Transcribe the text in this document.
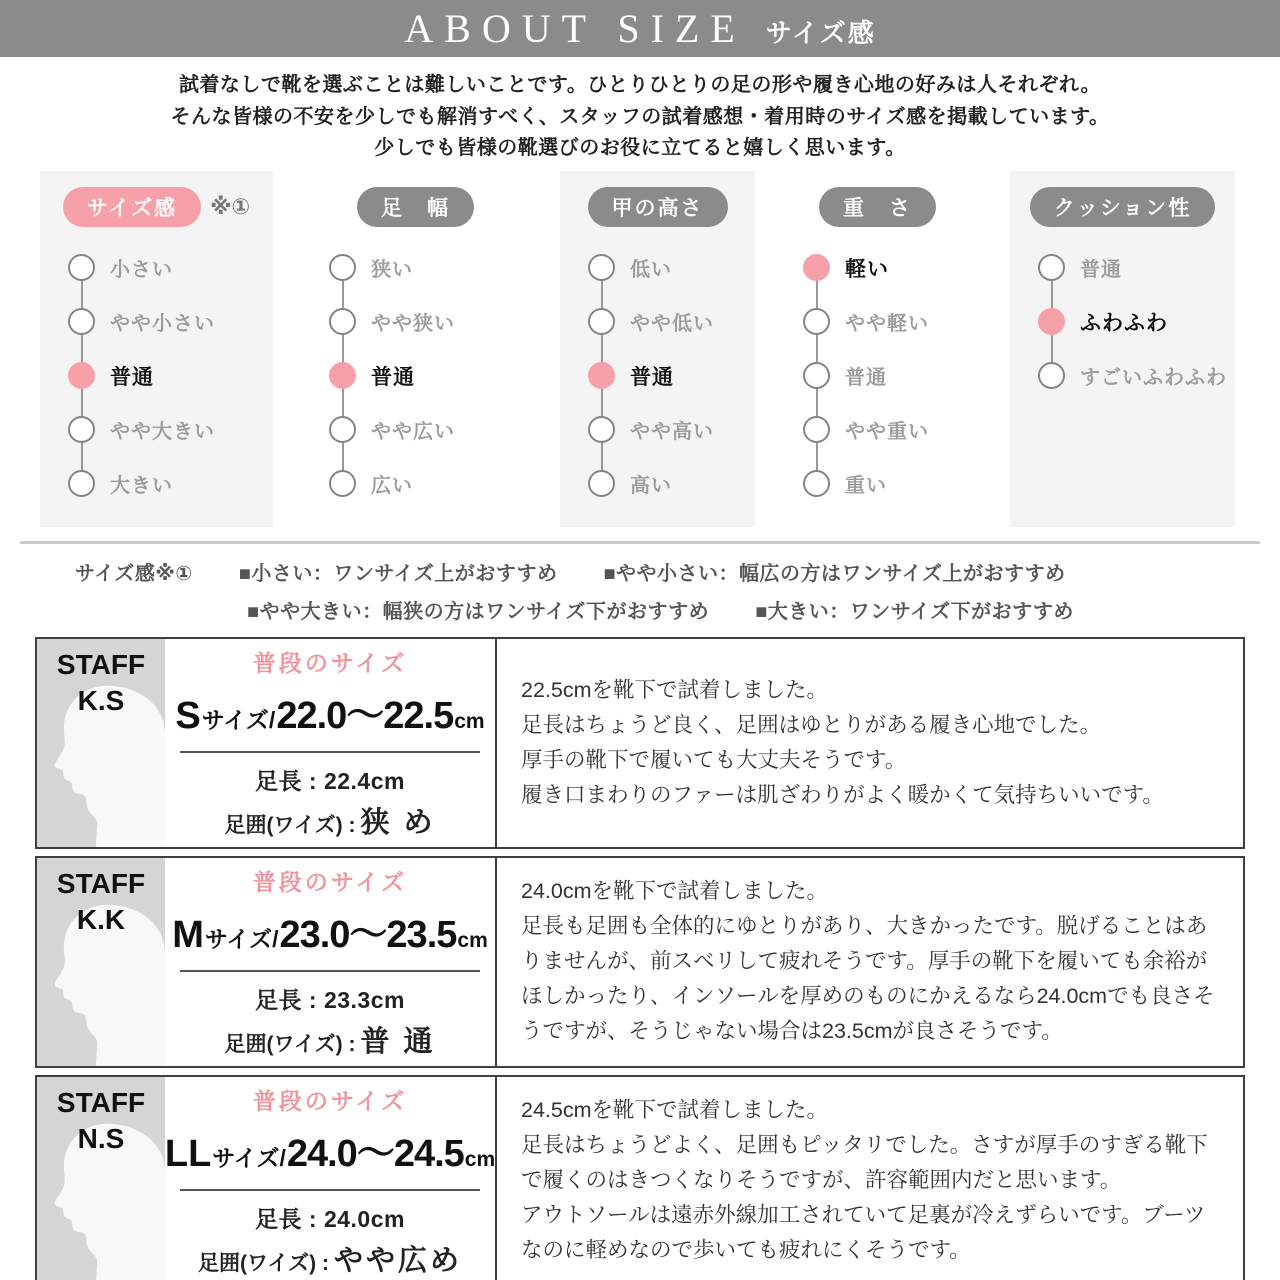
ABOUT SIZE サイズ感
試着なしで靴を選ぶことは難しいことです。ひとりひとりの足の形や履き心地の好みは人それぞれ。
そんな皆様の不安を少しでも解消すべく、スタッフの試着感想・着用時のサイズ感を掲載しています。
少しでも皆様の靴選びのお役に立てると嬉しく思います。
サイズ感	※①
小さい
やや小さい
普通
やや大きい
大きい
足　幅
狭い
やや狭い
普通
やや広い
広い
甲の高さ
低い
やや低い
普通
やや高い
高い
重　さ
軽い
やや軽い
普通
やや重い
重い
クッション性
普通
ふわふわ
すごいふわふわ
サイズ感※① ■小さい：ワンサイズ上がおすすめ ■やや小さい：幅広の方はワンサイズ上がおすすめ
■やや大きい：幅狭の方はワンサイズ下がおすすめ ■大きい：ワンサイズ下がおすすめ
STAFF
K.S
普段のサイズ
S サイズ/ 22.0〜22.5 cm
足長 : 22.4cm
足囲(ワイズ) : 狭 め
22.5cmを靴下で試着しました。
足長はちょうど良く、足囲はゆとりがある履き心地でした。
厚手の靴下で履いても大丈夫そうです。
履き口まわりのファーは肌ざわりがよく暖かくて気持ちいいです。
STAFF
K.K
普段のサイズ
M サイズ/ 23.0〜23.5 cm
足長 : 23.3cm
足囲(ワイズ) : 普 通
24.0cmを靴下で試着しました。
足長も足囲も全体的にゆとりがあり、大きかったです。脱げることはありませんが、前スベリして疲れそうです。厚手の靴下を履いても余裕がほしかったり、インソールを厚めのものにかえるなら24.0cmでも良さそうですが、そうじゃない場合は23.5cmが良さそうです。
STAFF
N.S
普段のサイズ
LL サイズ/ 24.0〜24.5 cm
足長 : 24.0cm
足囲(ワイズ) : やや広め
24.5cmを靴下で試着しました。
足長はちょうどよく、足囲もピッタリでした。さすが厚手のすぎる靴下で履くのはきつくなりそうですが、許容範囲内だと思います。
アウトソールは遠赤外線加工されていて足裏が冷えずらいです。ブーツなのに軽めなので歩いても疲れにくそうです。
